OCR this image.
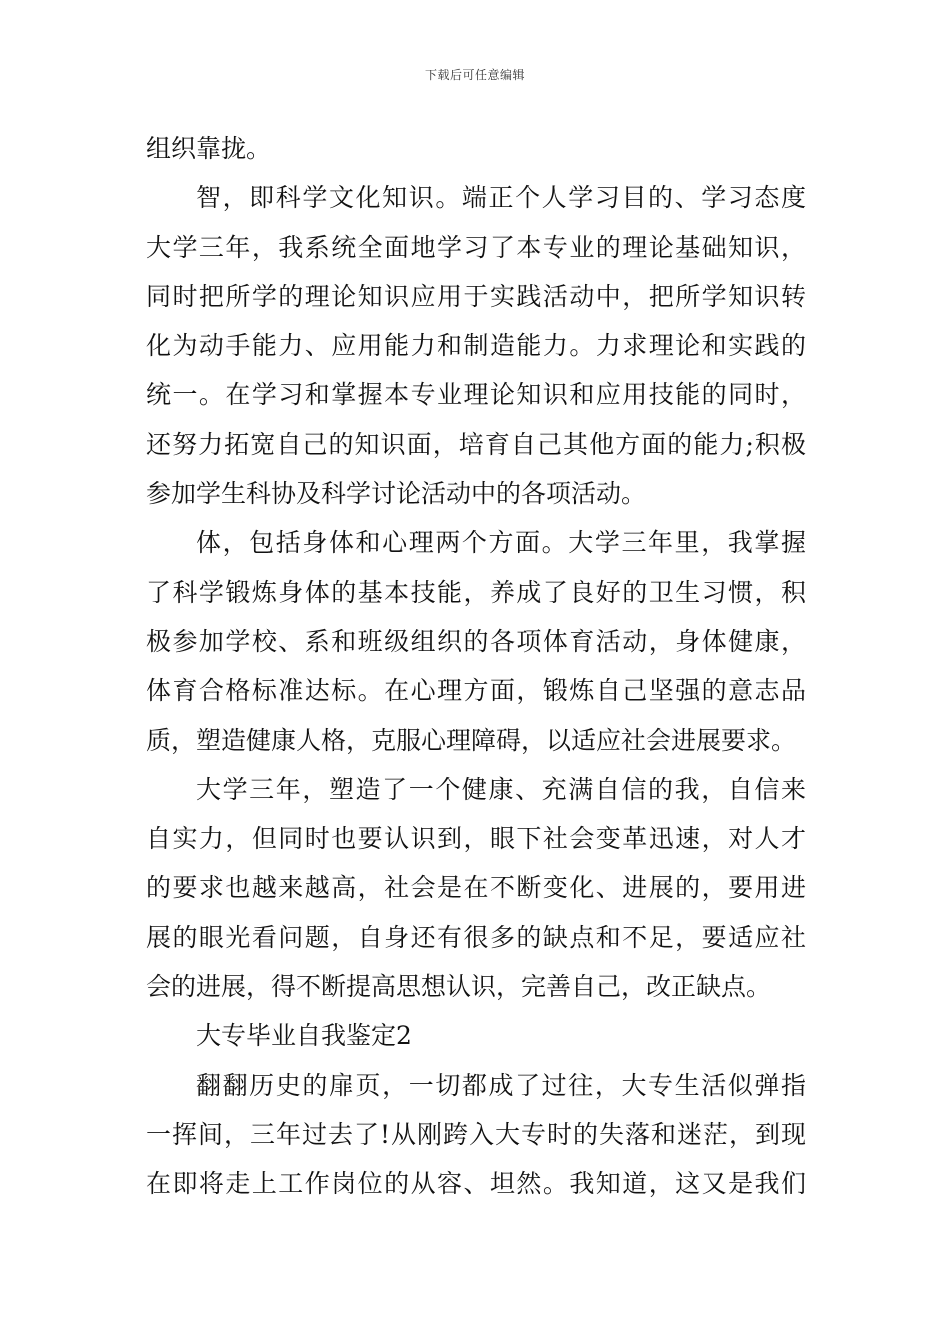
下载后可任意编辑
组织靠拢。
智，即科学文化知识。端正个人学习目的、学习态度
大学三年，我系统全面地学习了本专业的理论基础知识，
同时把所学的理论知识应用于实践活动中，把所学知识转
化为动手能力、应用能力和制造能力。力求理论和实践的
统一。在学习和掌握本专业理论知识和应用技能的同时，
还努力拓宽自己的知识面，培育自己其他方面的能力;积极
参加学生科协及科学讨论活动中的各项活动。
体，包括身体和心理两个方面。大学三年里，我掌握
了科学锻炼身体的基本技能，养成了良好的卫生习惯，积
极参加学校、系和班级组织的各项体育活动，身体健康，
体育合格标准达标。在心理方面，锻炼自己坚强的意志品
质，塑造健康人格，克服心理障碍，以适应社会进展要求。
大学三年，塑造了一个健康、充满自信的我，自信来
自实力，但同时也要认识到，眼下社会变革迅速，对人才
的要求也越来越高，社会是在不断变化、进展的，要用进
展的眼光看问题，自身还有很多的缺点和不足，要适应社
会的进展，得不断提高思想认识，完善自己，改正缺点。
大专毕业自我鉴定2
翻翻历史的扉页，一切都成了过往，大专生活似弹指
一挥间，三年过去了!从刚跨入大专时的失落和迷茫，到现
在即将走上工作岗位的从容、坦然。我知道，这又是我们
